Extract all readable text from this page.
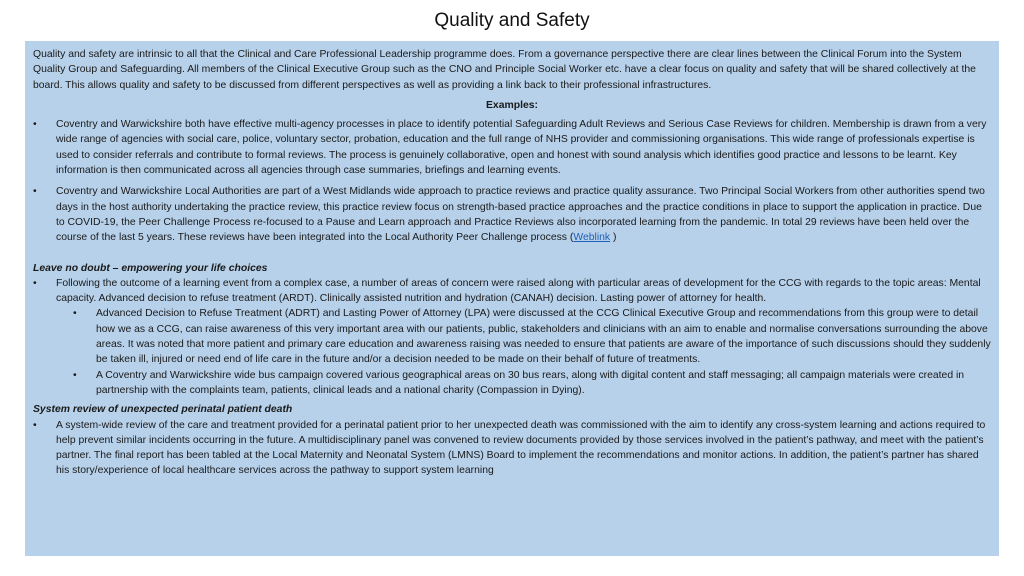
Quality and Safety

Quality and safety are intrinsic to all that the Clinical and Care Professional Leadership programme does. From a governance perspective there are clear lines between the Clinical Forum into the System Quality Group and Safeguarding. All members of the Clinical Executive Group such as the CNO and Principle Social Worker etc. have a clear focus on quality and safety that will be shared collectively at the board. This allows quality and safety to be discussed from different perspectives as well as providing a link back to their professional infrastructures.

Examples:

•	Coventry and Warwickshire both have effective multi-agency processes in place to identify potential Safeguarding Adult Reviews and Serious Case Reviews for children. Membership is drawn from a very wide range of agencies with social care, police, voluntary sector, probation, education and the full range of NHS provider and commissioning organisations. This wide range of professionals expertise is used to consider referrals and contribute to formal reviews. The process is genuinely collaborative, open and honest with sound analysis which identifies good practice and lessons to be learnt. Key information is then communicated across all agencies through case summaries, briefings and learning events.
•	Coventry and Warwickshire Local Authorities are part of a West Midlands wide approach to practice reviews and practice quality assurance. Two Principal Social Workers from other authorities spend two days in the host authority undertaking the practice review, this practice review focus on strength-based practice approaches and the practice conditions in place to support the application in practice. Due to COVID-19, the Peer Challenge Process re-focused to a Pause and Learn approach and Practice Reviews also incorporated learning from the pandemic. In total 29 reviews have been held over the course of the last 5 years. These reviews have been integrated into the Local Authority Peer Challenge process (Weblink )

Leave no doubt – empowering your life choices

•	Following the outcome of a learning event from a complex case, a number of areas of concern were raised along with particular areas of development for the CCG with regards to the topic areas: Mental capacity. Advanced decision to refuse treatment (ARDT). Clinically assisted nutrition and hydration (CANAH) decision. Lasting power of attorney for health.
•	Advanced Decision to Refuse Treatment (ADRT) and Lasting Power of Attorney (LPA) were discussed at the CCG Clinical Executive Group and recommendations from this group were to detail how we as a CCG, can raise awareness of this very important area with our patients, public, stakeholders and clinicians with an aim to enable and normalise conversations surrounding the above areas. It was noted that more patient and primary care education and awareness raising was needed to ensure that patients are aware of the importance of such discussions should they suddenly be taken ill, injured or need end of life care in the future and/or a decision needed to be made on their behalf of future of treatments.
•	A Coventry and Warwickshire wide bus campaign covered various geographical areas on 30 bus rears, along with digital content and staff messaging; all campaign materials were created in partnership with the complaints team, patients, clinical leads and a national charity (Compassion in Dying).

System review of unexpected perinatal patient death

•	A system-wide review of the care and treatment provided for a perinatal patient prior to her unexpected death was commissioned with the aim to identify any cross-system learning and actions required to help prevent similar incidents occurring in the future. A multidisciplinary panel was convened to review documents provided by those services involved in the patient’s pathway, and meet with the patient’s partner. The final report has been tabled at the Local Maternity and Neonatal System (LMNS) Board to implement the recommendations and monitor actions. In addition, the patient’s partner has shared his story/experience of local healthcare services across the pathway to support system learning
